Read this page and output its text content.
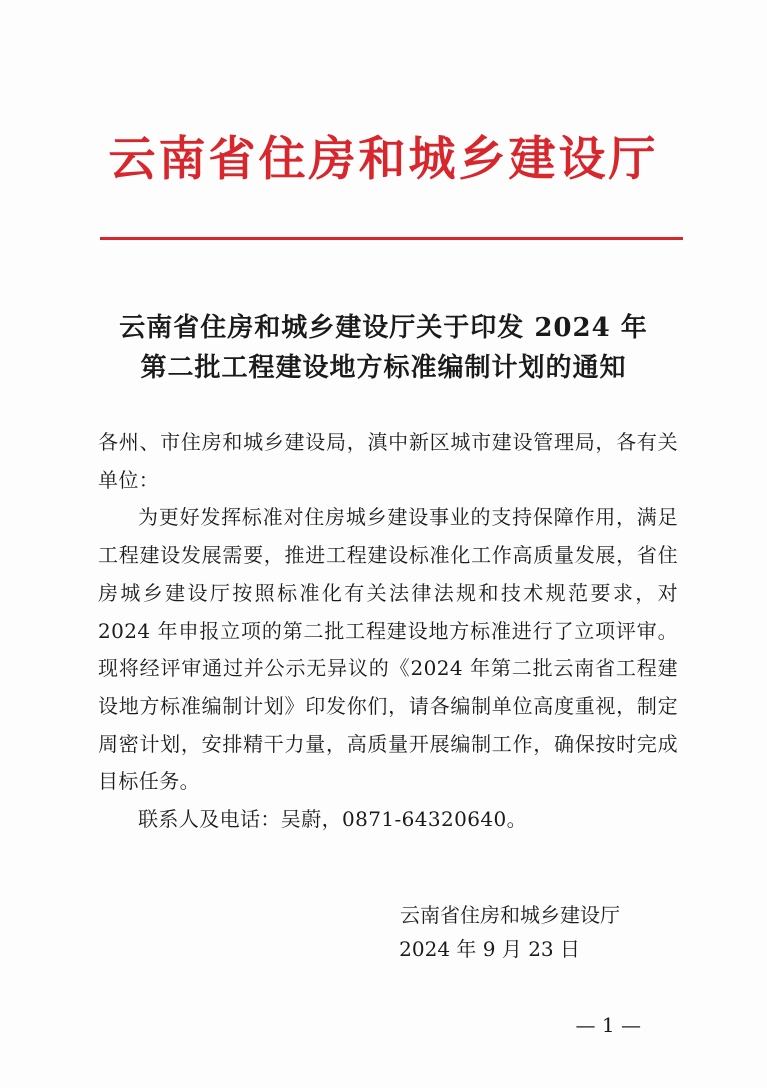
云南省住房和城乡建设厅
云南省住房和城乡建设厅关于印发 2024 年
第二批工程建设地方标准编制计划的通知

各州、市住房和城乡建设局，滇中新区城市建设管理局，各有关单位：

为更好发挥标准对住房城乡建设事业的支持保障作用，满足工程建设发展需要，推进工程建设标准化工作高质量发展，省住房城乡建设厅按照标准化有关法律法规和技术规范要求，对 2024 年申报立项的第二批工程建设地方标准进行了立项评审。现将经评审通过并公示无异议的《2024 年第二批云南省工程建设地方标准编制计划》印发你们，请各编制单位高度重视，制定周密计划，安排精干力量，高质量开展编制工作，确保按时完成目标任务。

联系人及电话：吴蔚，0871-64320640。

云南省住房和城乡建设厅
2024 年 9 月 23 日
— 1 —
